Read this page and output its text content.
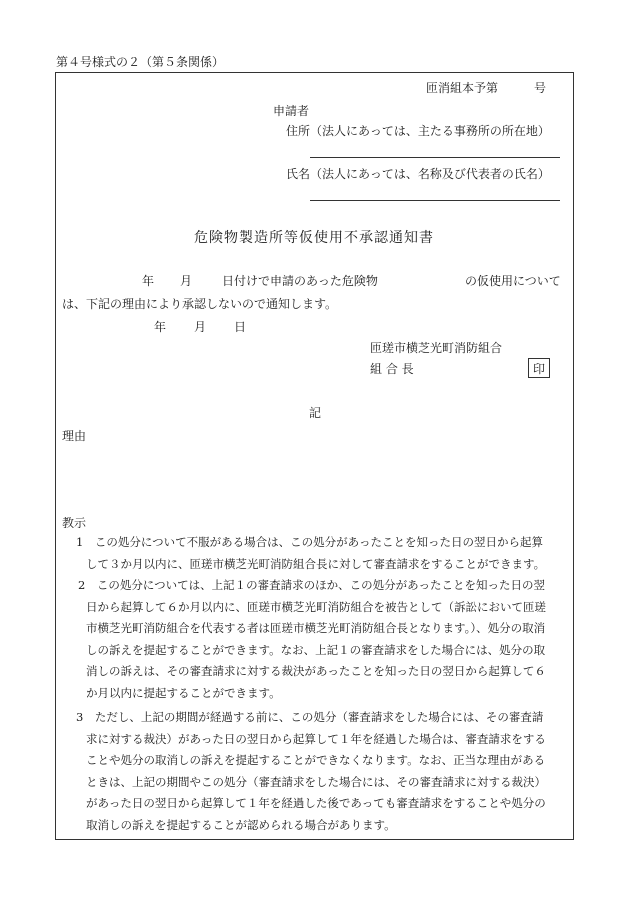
第４号様式の２（第５条関係）
匝消組本予第　　　号
申請者
住所（法人にあっては、主たる事務所の所在地）
氏名（法人にあっては、名称及び代表者の氏名）
危険物製造所等仮使用不承認通知書
年 月 日付けで申請のあった危険物	の仮使用について
は、下記の理由により承認しないので通知します。
年 月 日
匝瑳市横芝光町消防組合
組 合 長	印
記
理由
教示
1　 この処分について不服がある場合は、この処分があったことを知った日の翌日から起算
して３か月以内に、匝瑳市横芝光町消防組合長に対して審査請求をすることができます。
2　 この処分については、上記１の審査請求のほか、この処分があったことを知った日の翌
日から起算して６か月以内に、匝瑳市横芝光町消防組合を被告として（訴訟において匝瑳
市横芝光町消防組合を代表する者は匝瑳市横芝光町消防組合長となります。）、処分の取消
しの訴えを提起することができます。なお、上記１の審査請求をした場合には、処分の取
消しの訴えは、その審査請求に対する裁決があったことを知った日の翌日から起算して６
か月以内に提起することができます。
3　 ただし、上記の期間が経過する前に、この処分（審査請求をした場合には、その審査請
求に対する裁決）があった日の翌日から起算して１年を経過した場合は、審査請求をする
ことや処分の取消しの訴えを提起することができなくなります。なお、正当な理由がある
ときは、上記の期間やこの処分（審査請求をした場合には、その審査請求に対する裁決）
があった日の翌日から起算して１年を経過した後であっても審査請求をすることや処分の
取消しの訴えを提起することが認められる場合があります。
